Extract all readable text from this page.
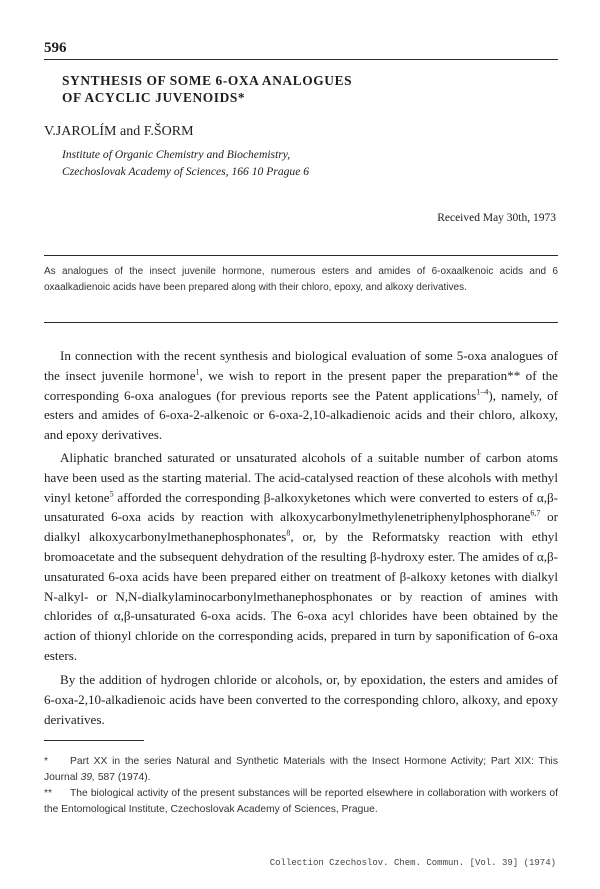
596
SYNTHESIS OF SOME 6-OXA ANALOGUES
OF ACYCLIC JUVENOIDS*
V.JAROLÍM and F.ŠORM
Institute of Organic Chemistry and Biochemistry,
Czechoslovak Academy of Sciences, 166 10 Prague 6
Received May 30th, 1973
As analogues of the insect juvenile hormone, numerous esters and amides of 6-oxaalkenoic acids and 6 oxaalkadienoic acids have been prepared along with their chloro, epoxy, and alkoxy derivatives.

In connection with the recent synthesis and biological evaluation of some 5-oxa analogues of the insect juvenile hormone$^1$, we wish to report in the present paper the preparation** of the corresponding 6-oxa analogues (for previous reports see the Patent applications$^{1-4}$), namely, of esters and amides of 6-oxa-2-alkenoic or 6-oxa-2,10-alkadienoic acids and their chloro, alkoxy, and epoxy derivatives.

Aliphatic branched saturated or unsaturated alcohols of a suitable number of carbon atoms have been used as the starting material. The acid-catalysed reaction of these alcohols with methyl vinyl ketone$^5$ afforded the corresponding β-alkoxyketones which were converted to esters of α,β-unsaturated 6-oxa acids by reaction with alkoxycarbonylmethylenetriphenylphosphorane$^{6,7}$ or dialkyl alkoxycarbonylmethanephosphonates$^8$, or, by the Reformatsky reaction with ethyl bromoacetate and the subsequent dehydration of the resulting β-hydroxy ester. The amides of α,β-unsaturated 6-oxa acids have been prepared either on treatment of β-alkoxy ketones with dialkyl N-alkyl- or N,N-dialkylaminocarbonylmethanephosphonates or by reaction of amines with chlorides of α,β-unsaturated 6-oxa acids. The 6-oxa acyl chlorides have been obtained by the action of thionyl chloride on the corresponding acids, prepared in turn by saponification of 6-oxa esters.

By the addition of hydrogen chloride or alcohols, or, by epoxidation, the esters and amides of 6-oxa-2,10-alkadienoic acids have been converted to the corresponding chloro, alkoxy, and epoxy derivatives.

* Part XX in the series Natural and Synthetic Materials with the Insect Hormone Activity; Part XIX: This Journal 39, 587 (1974).
** The biological activity of the present substances will be reported elsewhere in collaboration with workers of the Entomological Institute, Czechoslovak Academy of Sciences, Prague.
Collection Czechoslov. Chem. Commun. [Vol. 39] (1974)
